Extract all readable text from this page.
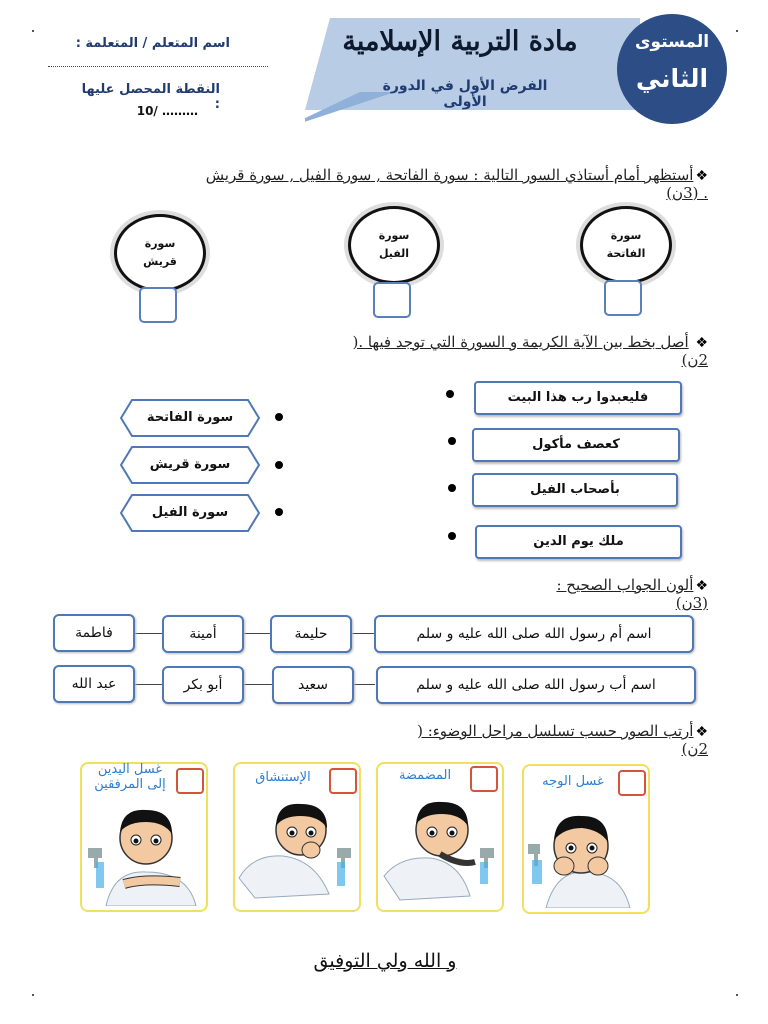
مادة التربية الإسلامية
الفرض الأول في الدورة الأولى
المستوى
الثاني
اسم المتعلم / المتعلمة :
النقطة المحصل عليها :
10/ ………
❖أستظهر أمام أستاذي السور التالية : سورة الفاتحة , سورة الفيل , سورة قريش . (3ن)
سورة
الفاتحة
سورة
الفيل
سورة
قريش
❖ أصل بخط بين الآية الكريمة و السورة التي توجد فيها .( 2ن)
فليعبدوا رب هذا البيت
كعصف مأكول
بأصحاب الفيل
ملك يوم الدين
سورة الفاتحة
سورة قريش
سورة الفيل
❖ألون الجواب الصحيح : (3ن)
اسم أم رسول الله صلى الله عليه و سلم
حليمة
أمينة
فاطمة
اسم أب رسول الله صلى الله عليه و سلم
سعيد
أبو بكر
عبد الله
❖أرتب الصور حسب تسلسل مراحل الوضوء: ( 2ن)
غسل الوجه
المضمضة
الإستنشاق
غسل اليدين
إلى المرفقين
و الله ولي التوفيق
